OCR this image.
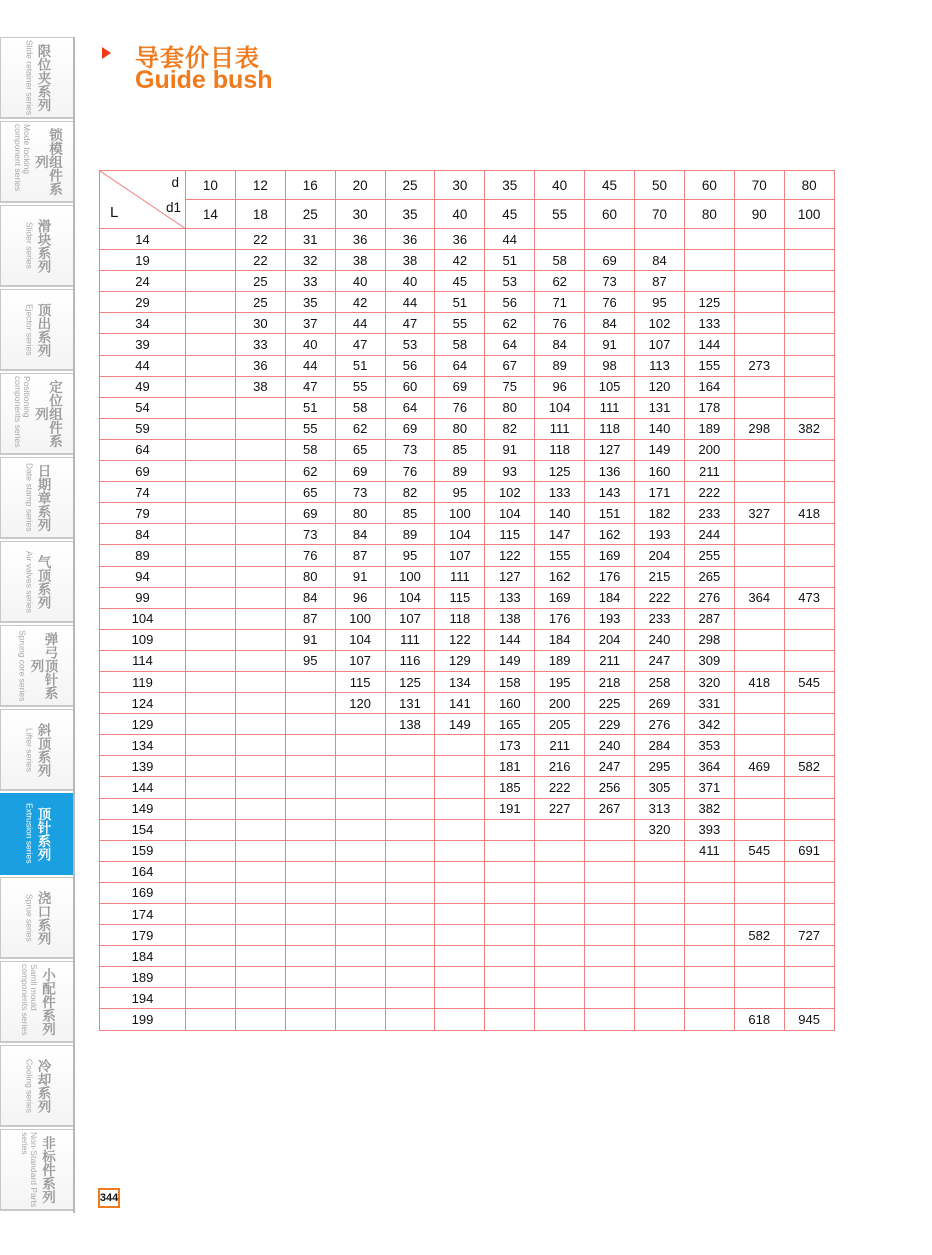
限位夹系列
Slide retainer series
锁模组件系列
Mode locking component series
滑块系列
Slider series
顶出系列
Ejector series
定位组件系列
Positioning components series
日期章系列
Date stamp series
气顶系列
Air valves series
弹弓顶针系列
Sprung core series
斜顶系列
Lifter series
顶针系列
Extrusion series
浇口系列
Sprue series
小配件系列
Samll mould components series
冷却系列
Cooling series
非标件系列
Non-Standard Parts series
导套价目表
Guide bush
d
d1
L	10	12	16	20	25	30	35	40	45	50	60	70	80
	14	18	25	30	35	40	45	55	60	70	80	90	100
14		22	31	36	36	36	44						
19		22	32	38	38	42	51	58	69	84			
24		25	33	40	40	45	53	62	73	87			
29		25	35	42	44	51	56	71	76	95	125		
34		30	37	44	47	55	62	76	84	102	133		
39		33	40	47	53	58	64	84	91	107	144		
44		36	44	51	56	64	67	89	98	113	155	273	
49		38	47	55	60	69	75	96	105	120	164		
54			51	58	64	76	80	104	111	131	178		
59			55	62	69	80	82	111	118	140	189	298	382
64			58	65	73	85	91	118	127	149	200		
69			62	69	76	89	93	125	136	160	211		
74			65	73	82	95	102	133	143	171	222		
79			69	80	85	100	104	140	151	182	233	327	418
84			73	84	89	104	115	147	162	193	244		
89			76	87	95	107	122	155	169	204	255		
94			80	91	100	111	127	162	176	215	265		
99			84	96	104	115	133	169	184	222	276	364	473
104			87	100	107	118	138	176	193	233	287		
109			91	104	111	122	144	184	204	240	298		
114			95	107	116	129	149	189	211	247	309		
119				115	125	134	158	195	218	258	320	418	545
124				120	131	141	160	200	225	269	331		
129					138	149	165	205	229	276	342		
134							173	211	240	284	353		
139							181	216	247	295	364	469	582
144							185	222	256	305	371		
149							191	227	267	313	382		
154										320	393		
159											411	545	691
164													
169													
174													
179												582	727
184													
189													
194													
199												618	945
344
